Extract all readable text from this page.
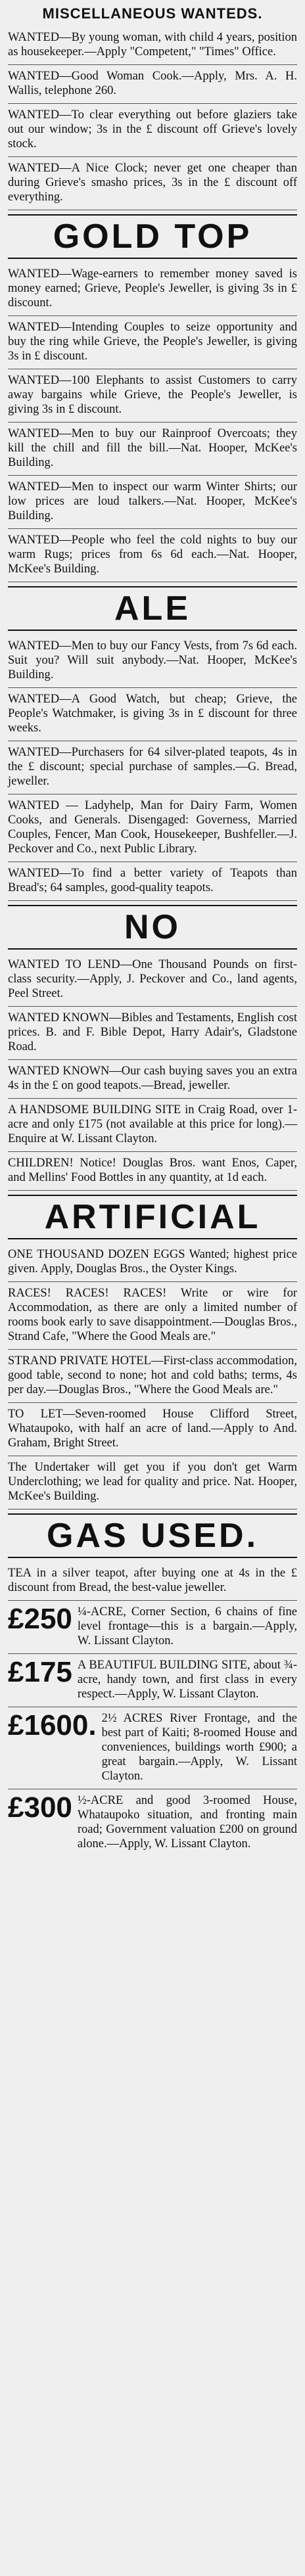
MISCELLANEOUS WANTEDS.
WANTED—By young woman, with child 4 years, position as housekeeper.—Apply "Competent," "Times" Office.
WANTED—Good Woman Cook.—Apply, Mrs. A. H. Wallis, telephone 260.
WANTED—To clear everything out before glaziers take out our window; 3s in the £ discount off Grieve's lovely stock.
WANTED—A Nice Clock; never get one cheaper than during Grieve's smasho prices, 3s in the £ discount off everything.
GOLD TOP
WANTED—Wage-earners to remember money saved is money earned; Grieve, People's Jeweller, is giving 3s in £ discount.
WANTED—Intending Couples to seize opportunity and buy the ring while Grieve, the People's Jeweller, is giving 3s in £ discount.
WANTED—100 Elephants to assist Customers to carry away bargains while Grieve, the People's Jeweller, is giving 3s in £ discount.
WANTED—Men to buy our Rainproof Overcoats; they kill the chill and fill the bill.—Nat. Hooper, McKee's Building.
WANTED—Men to inspect our warm Winter Shirts; our low prices are loud talkers.—Nat. Hooper, McKee's Building.
WANTED—People who feel the cold nights to buy our warm Rugs; prices from 6s 6d each.—Nat. Hooper, McKee's Building.
ALE
WANTED—Men to buy our Fancy Vests, from 7s 6d each. Suit you? Will suit anybody.—Nat. Hooper, McKee's Building.
WANTED—A Good Watch, but cheap; Grieve, the People's Watchmaker, is giving 3s in £ discount for three weeks.
WANTED—Purchasers for 64 silver-plated teapots, 4s in the £ discount; special purchase of samples.—G. Bread, jeweller.
WANTED — Ladyhelp, Man for Dairy Farm, Women Cooks, and Generals. Disengaged: Governess, Married Couples, Fencer, Man Cook, Housekeeper, Bushfeller.—J. Peckover and Co., next Public Library.
WANTED—To find a better variety of Teapots than Bread's; 64 samples, good-quality teapots.
NO
WANTED TO LEND—One Thousand Pounds on first-class security.—Apply, J. Peckover and Co., land agents, Peel Street.
WANTED KNOWN—Bibles and Testaments, English cost prices. B. and F. Bible Depot, Harry Adair's, Gladstone Road.
WANTED KNOWN—Our cash buying saves you an extra 4s in the £ on good teapots.—Bread, jeweller.
A HANDSOME BUILDING SITE in Craig Road, over 1-acre and only £175 (not available at this price for long).—Enquire at W. Lissant Clayton.
CHILDREN! Notice! Douglas Bros. want Enos, Caper, and Mellins' Food Bottles in any quantity, at 1d each.
ARTIFICIAL
ONE THOUSAND DOZEN EGGS Wanted; highest price given. Apply, Douglas Bros., the Oyster Kings.
RACES! RACES! RACES! Write or wire for Accommodation, as there are only a limited number of rooms book early to save disappointment.—Douglas Bros., Strand Cafe, "Where the Good Meals are."
STRAND PRIVATE HOTEL—First-class accommodation, good table, second to none; hot and cold baths; terms, 4s per day.—Douglas Bros., "Where the Good Meals are."
TO LET—Seven-roomed House Clifford Street, Whataupoko, with half an acre of land.—Apply to And. Graham, Bright Street.
The Undertaker will get you if you don't get Warm Underclothing; we lead for quality and price. Nat. Hooper, McKee's Building.
GAS USED.
TEA in a silver teapot, after buying one at 4s in the £ discount from Bread, the best-value jeweller.
£250 ¼-ACRE, Corner Section, 6 chains of fine level frontage—this is a bargain.—Apply, W. Lissant Clayton.
£175 A BEAUTIFUL BUILDING SITE, about ¾-acre, handy town, and first class in every respect.—Apply, W. Lissant Clayton.
£1600. 2½ ACRES River Frontage, and the best part of Kaiti; 8-roomed House and conveniences, buildings worth £900; a great bargain.—Apply, W. Lissant Clayton.
£300 ½-ACRE and good 3-roomed House, Whataupoko situation, and fronting main road; Government valuation £200 on ground alone.—Apply, W. Lissant Clayton.
